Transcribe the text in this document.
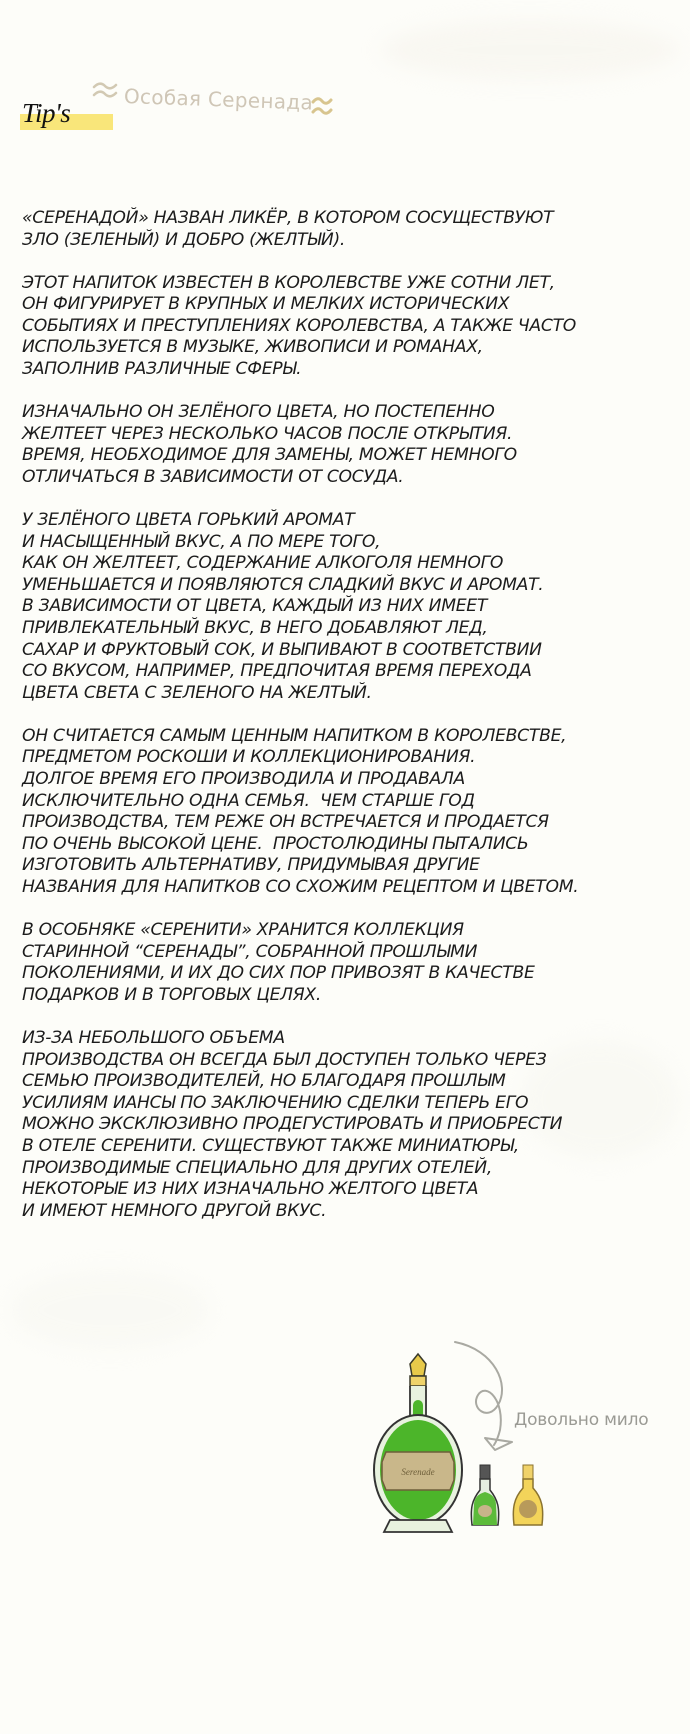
Tip's	Особая Серенада

«СЕРЕНАДОЙ» НАЗВАН ЛИКЁР, В КОТОРОМ СОСУЩЕСТВУЮТ
ЗЛО (ЗЕЛЕНЫЙ) И ДОБРО (ЖЕЛТЫЙ).

ЭТОТ НАПИТОК ИЗВЕСТЕН В КОРОЛЕВСТВЕ УЖЕ СОТНИ ЛЕТ,
ОН ФИГУРИРУЕТ В КРУПНЫХ И МЕЛКИХ ИСТОРИЧЕСКИХ
СОБЫТИЯХ И ПРЕСТУПЛЕНИЯХ КОРОЛЕВСТВА, А ТАКЖЕ ЧАСТО
ИСПОЛЬЗУЕТСЯ В МУЗЫКЕ, ЖИВОПИСИ И РОМАНАХ,
ЗАПОЛНИВ РАЗЛИЧНЫЕ СФЕРЫ.

ИЗНАЧАЛЬНО ОН ЗЕЛЁНОГО ЦВЕТА, НО ПОСТЕПЕННО
ЖЕЛТЕЕТ ЧЕРЕЗ НЕСКОЛЬКО ЧАСОВ ПОСЛЕ ОТКРЫТИЯ.
ВРЕМЯ, НЕОБХОДИМОЕ ДЛЯ ЗАМЕНЫ, МОЖЕТ НЕМНОГО
ОТЛИЧАТЬСЯ В ЗАВИСИМОСТИ ОТ СОСУДА.

У ЗЕЛЁНОГО ЦВЕТА ГОРЬКИЙ АРОМАТ
И НАСЫЩЕННЫЙ ВКУС, А ПО МЕРЕ ТОГО,
КАК ОН ЖЕЛТЕЕТ, СОДЕРЖАНИЕ АЛКОГОЛЯ НЕМНОГО
УМЕНЬШАЕТСЯ И ПОЯВЛЯЮТСЯ СЛАДКИЙ ВКУС И АРОМАТ.
В ЗАВИСИМОСТИ ОТ ЦВЕТА, КАЖДЫЙ ИЗ НИХ ИМЕЕТ
ПРИВЛЕКАТЕЛЬНЫЙ ВКУС, В НЕГО ДОБАВЛЯЮТ ЛЕД,
САХАР И ФРУКТОВЫЙ СОК, И ВЫПИВАЮТ В СООТВЕТСТВИИ
СО ВКУСОМ, НАПРИМЕР, ПРЕДПОЧИТАЯ ВРЕМЯ ПЕРЕХОДА
ЦВЕТА СВЕТА С ЗЕЛЕНОГО НА ЖЕЛТЫЙ.

ОН СЧИТАЕТСЯ САМЫМ ЦЕННЫМ НАПИТКОМ В КОРОЛЕВСТВЕ,
ПРЕДМЕТОМ РОСКОШИ И КОЛЛЕКЦИОНИРОВАНИЯ.
ДОЛГОЕ ВРЕМЯ ЕГО ПРОИЗВОДИЛА И ПРОДАВАЛА
ИСКЛЮЧИТЕЛЬНО ОДНА СЕМЬЯ.  ЧЕМ СТАРШЕ ГОД
ПРОИЗВОДСТВА, ТЕМ РЕЖЕ ОН ВСТРЕЧАЕТСЯ И ПРОДАЕТСЯ
ПО ОЧЕНЬ ВЫСОКОЙ ЦЕНЕ.  ПРОСТОЛЮДИНЫ ПЫТАЛИСЬ
ИЗГОТОВИТЬ АЛЬТЕРНАТИВУ, ПРИДУМЫВАЯ ДРУГИЕ
НАЗВАНИЯ ДЛЯ НАПИТКОВ СО СХОЖИМ РЕЦЕПТОМ И ЦВЕТОМ.

В ОСОБНЯКЕ «СЕРЕНИТИ» ХРАНИТСЯ КОЛЛЕКЦИЯ
СТАРИННОЙ “СЕРЕНАДЫ”, СОБРАННОЙ ПРОШЛЫМИ
ПОКОЛЕНИЯМИ, И ИХ ДО СИХ ПОР ПРИВОЗЯТ В КАЧЕСТВЕ
ПОДАРКОВ И В ТОРГОВЫХ ЦЕЛЯХ.

ИЗ-ЗА НЕБОЛЬШОГО ОБЪЕМА
ПРОИЗВОДСТВА ОН ВСЕГДА БЫЛ ДОСТУПЕН ТОЛЬКО ЧЕРЕЗ
СЕМЬЮ ПРОИЗВОДИТЕЛЕЙ, НО БЛАГОДАРЯ ПРОШЛЫМ
УСИЛИЯМ ИАНСЫ ПО ЗАКЛЮЧЕНИЮ СДЕЛКИ ТЕПЕРЬ ЕГО
МОЖНО ЭКСКЛЮЗИВНО ПРОДЕГУСТИРОВАТЬ И ПРИОБРЕСТИ
В ОТЕЛЕ СЕРЕНИТИ. СУЩЕСТВУЮТ ТАКЖЕ МИНИАТЮРЫ,
ПРОИЗВОДИМЫЕ СПЕЦИАЛЬНО ДЛЯ ДРУГИХ ОТЕЛЕЙ,
НЕКОТОРЫЕ ИЗ НИХ ИЗНАЧАЛЬНО ЖЕЛТОГО ЦВЕТА
И ИМЕЮТ НЕМНОГО ДРУГОЙ ВКУС.

Serenade
Довольно мило
